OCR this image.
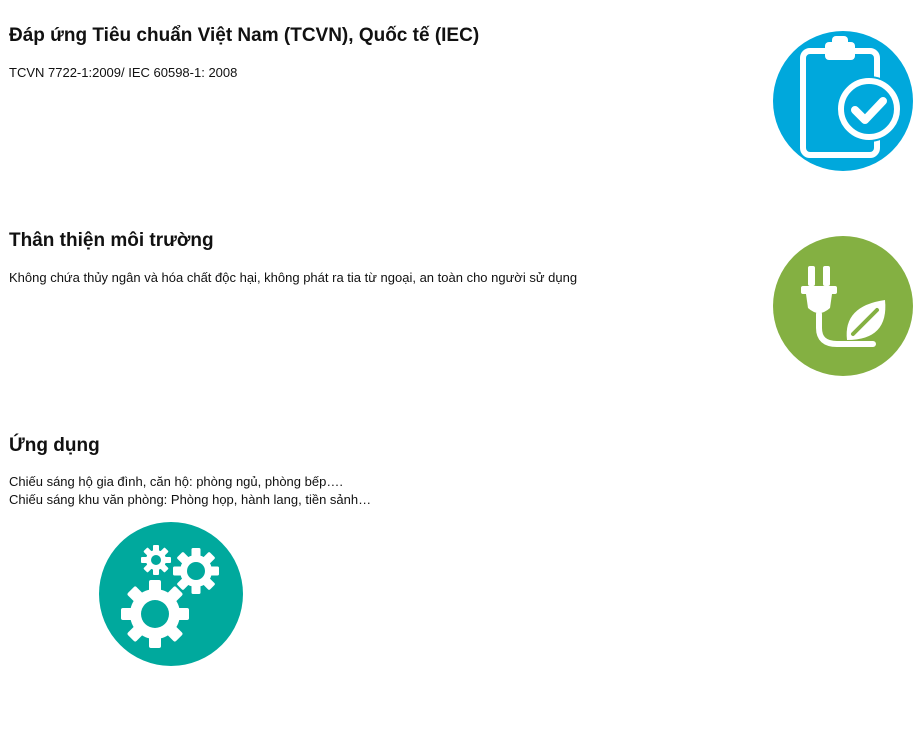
Đáp ứng Tiêu chuẩn Việt Nam (TCVN), Quốc tế (IEC)

TCVN 7722-1:2009/ IEC 60598-1: 2008

Thân thiện môi trường

Không chứa thủy ngân và hóa chất độc hại, không phát ra tia từ ngoại, an toàn cho người sử dụng

Ứng dụng

Chiếu sáng hộ gia đình, căn hộ: phòng ngủ, phòng bếp….
Chiếu sáng khu văn phòng: Phòng họp, hành lang, tiền sảnh…
